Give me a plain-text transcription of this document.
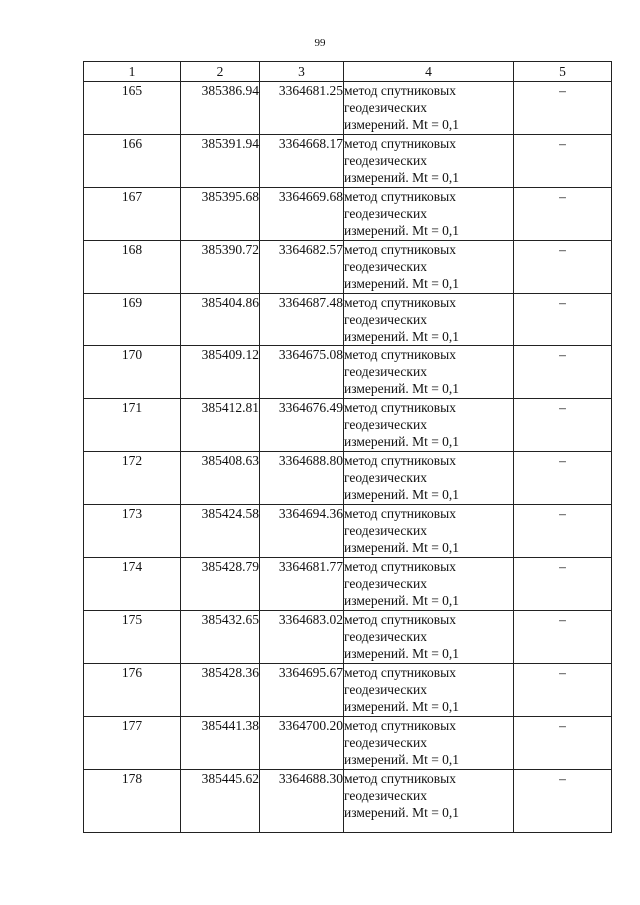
99
1	2	3	4	5
165	385386.94	3364681.25	метод спутниковых
геодезических
измерений. Mt = 0,1	–
166	385391.94	3364668.17	метод спутниковых
геодезических
измерений. Mt = 0,1	–
167	385395.68	3364669.68	метод спутниковых
геодезических
измерений. Mt = 0,1	–
168	385390.72	3364682.57	метод спутниковых
геодезических
измерений. Mt = 0,1	–
169	385404.86	3364687.48	метод спутниковых
геодезических
измерений. Mt = 0,1	–
170	385409.12	3364675.08	метод спутниковых
геодезических
измерений. Mt = 0,1	–
171	385412.81	3364676.49	метод спутниковых
геодезических
измерений. Mt = 0,1	–
172	385408.63	3364688.80	метод спутниковых
геодезических
измерений. Mt = 0,1	–
173	385424.58	3364694.36	метод спутниковых
геодезических
измерений. Mt = 0,1	–
174	385428.79	3364681.77	метод спутниковых
геодезических
измерений. Mt = 0,1	–
175	385432.65	3364683.02	метод спутниковых
геодезических
измерений. Mt = 0,1	–
176	385428.36	3364695.67	метод спутниковых
геодезических
измерений. Mt = 0,1	–
177	385441.38	3364700.20	метод спутниковых
геодезических
измерений. Mt = 0,1	–
178	385445.62	3364688.30	метод спутниковых
геодезических
измерений. Mt = 0,1	–
